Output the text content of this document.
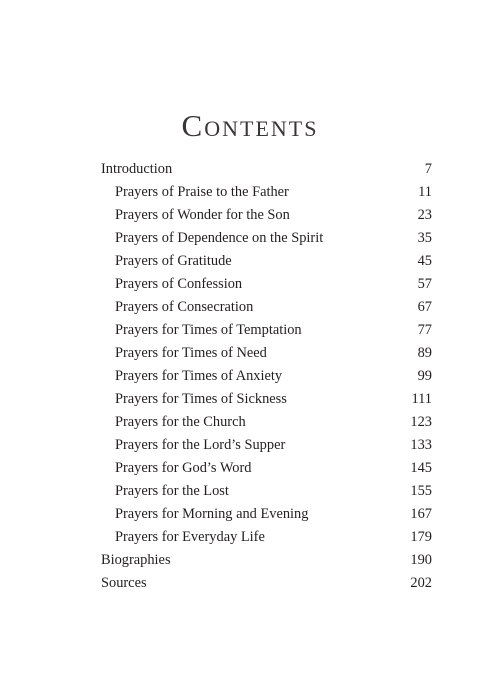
Contents
Introduction	7
Prayers of Praise to the Father	11
Prayers of Wonder for the Son	23
Prayers of Dependence on the Spirit	35
Prayers of Gratitude	45
Prayers of Confession	57
Prayers of Consecration	67
Prayers for Times of Temptation	77
Prayers for Times of Need	89
Prayers for Times of Anxiety	99
Prayers for Times of Sickness	111
Prayers for the Church	123
Prayers for the Lord’s Supper	133
Prayers for God’s Word	145
Prayers for the Lost	155
Prayers for Morning and Evening	167
Prayers for Everyday Life	179
Biographies	190
Sources	202
